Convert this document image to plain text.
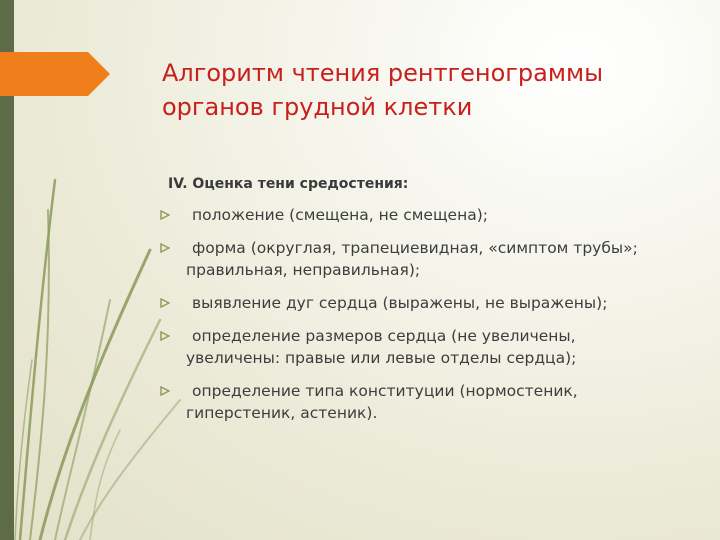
Алгоритм чтения рентгенограммы
органов грудной клетки
IV. Оценка тени средостения:
положение (смещена, не смещена);
форма (округлая, трапециевидная, «симптом трубы»; правильная, неправильная);
выявление дуг сердца (выражены, не выражены);
определение размеров сердца (не увеличены, увеличены: правые или левые отделы сердца);
определение типа конституции (нормостеник, гиперстеник, астеник).
